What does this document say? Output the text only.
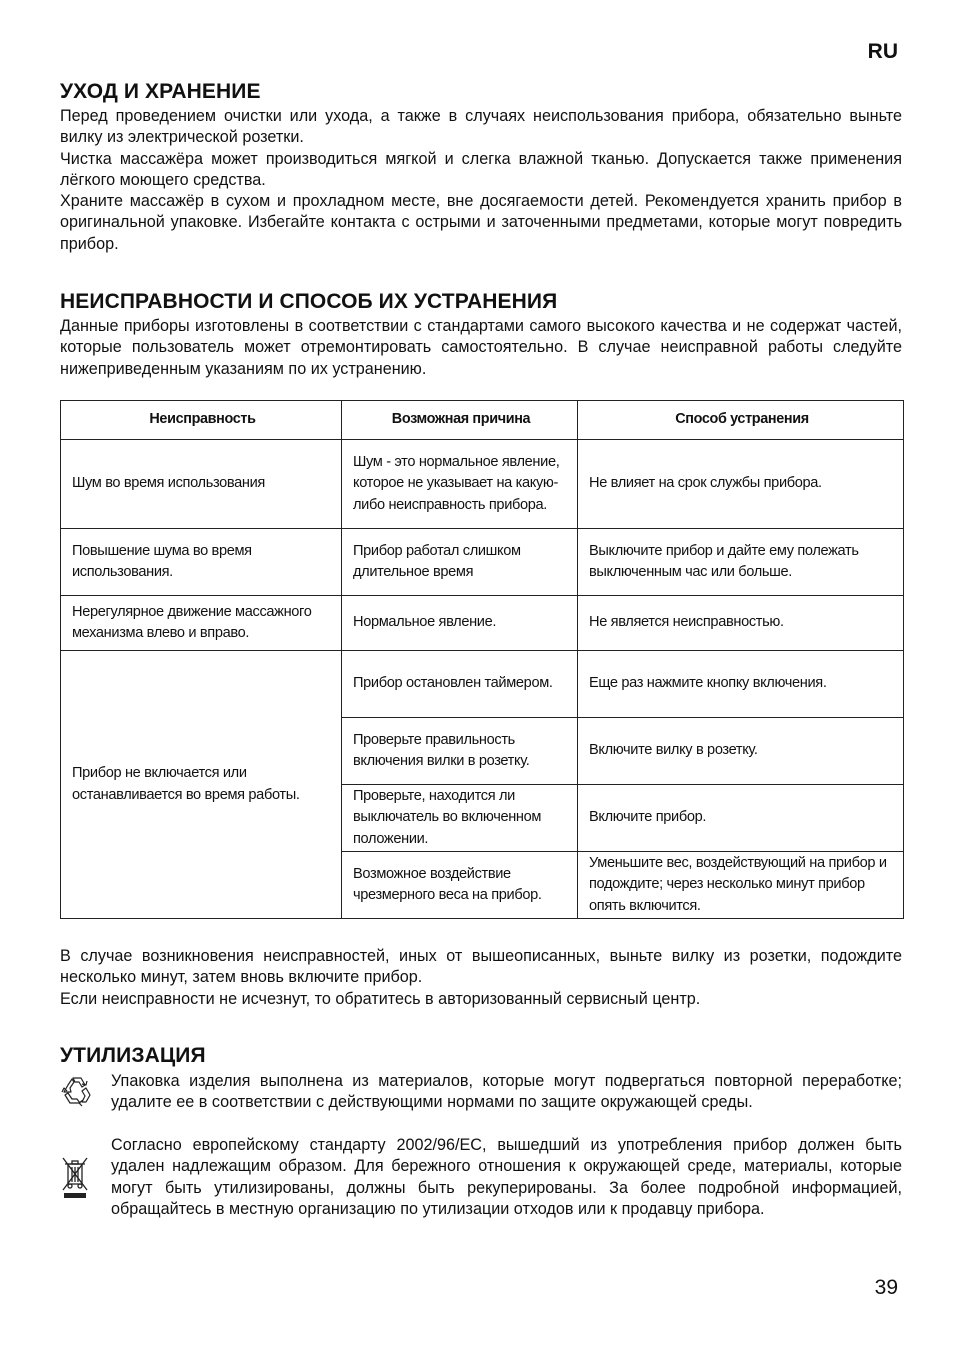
RU
УХОД И ХРАНЕНИЕ

Перед проведением очистки или ухода, а также в случаях неиспользования прибора, обязательно выньте вилку из электрической розетки.

Чистка массажёра может производиться мягкой и слегка влажной тканью. Допускается также применения лёгкого моющего средства.

Храните массажёр в сухом и прохладном месте, вне досягаемости детей. Рекомендуется хранить прибор в оригинальной упаковке. Избегайте контакта с острыми и заточенными предметами, которые могут повредить прибор.

НЕИСПРАВНОСТИ И СПОСОБ ИХ УСТРАНЕНИЯ

Данные приборы изготовлены в соответствии с стандартами самого высокого качества и не содержат частей, которые пользователь может отремонтировать самостоятельно. В случае неисправной работы следуйте нижеприведенным указаниям по их устранению.

Неисправность	Возможная причина	Способ устранения
Шум во время использования	Шум - это нормальное явление, которое не указывает на какую-либо неисправность прибора.	Не влияет на срок службы прибора.
Повышение шума во время использования.	Прибор работал слишком длительное время	Выключите прибор и дайте ему полежать выключенным час или больше.
Нерегулярное движение массажного механизма влево и вправо.	Нормальное явление.	Не является неисправностью.
Прибор не включается или останавливается во время работы.	Прибор остановлен таймером.	Еще раз нажмите кнопку включения.
	Проверьте правильность включения вилки в розетку.	Включите вилку в розетку.
	Проверьте, находится ли выключатель во включенном положении.	Включите прибор.
	Возможное воздействие чрезмерного веса на прибор.	Уменьшите вес, воздействующий на прибор и подождите; через несколько минут прибор опять включится.

В случае возникновения неисправностей, иных от вышеописанных, выньте вилку из розетки, подождите несколько минут, затем вновь включите прибор.

Если неисправности не исчезнут, то обратитесь в авторизованный сервисный центр.

УТИЛИЗАЦИЯ
Упаковка изделия выполнена из материалов, которые могут подвергаться повторной переработке; удалите ее в соответствии с действующими нормами по защите окружающей среды.
Согласно европейскому стандарту 2002/96/EC, вышедший из употребления прибор должен быть удален надлежащим образом. Для бережного отношения к окружающей среде, материалы, которые могут быть утилизированы, должны быть рекуперированы. За более подробной информацией, обращайтесь в местную организацию по утилизации отходов или к продавцу прибора.
39
